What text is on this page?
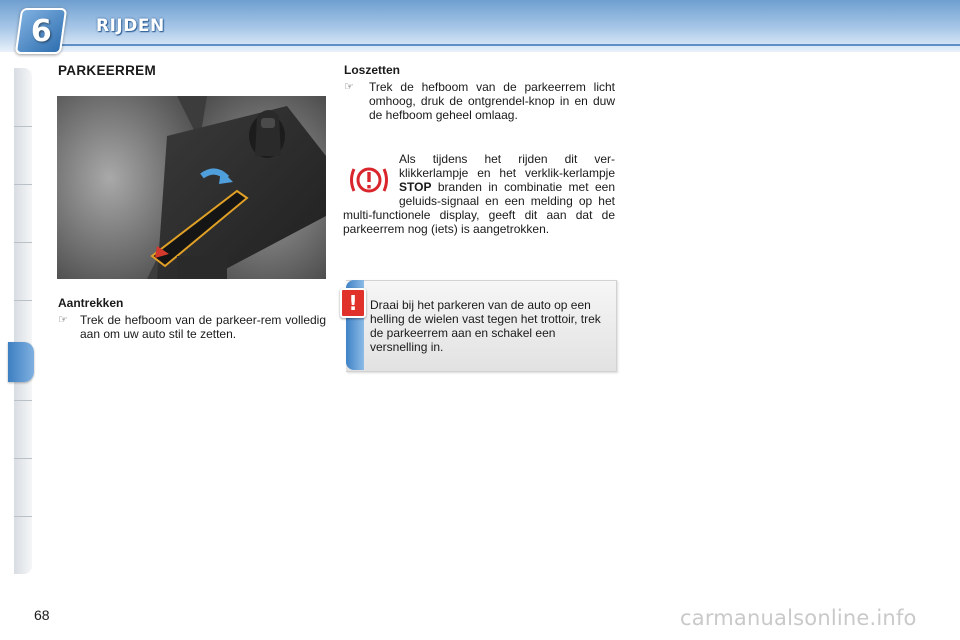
6	RIJDEN
PARKEERREM
Aantrekken
☞ Trek de hefboom van de parkeer-rem volledig aan om uw auto stil te zetten.
Loszetten
☞ Trek de hefboom van de parkeerrem licht omhoog, druk de ontgrendel-knop in en duw de hefboom geheel omlaag.
Als tijdens het rijden dit ver-klikkerlampje en het verklik-kerlampje STOP branden in combinatie met een geluids-signaal en een melding op het multi-functionele display, geeft dit aan dat de parkeerrem nog (iets) is aangetrokken.
!	Draai bij het parkeren van de auto op een helling de wielen vast tegen het trottoir, trek de parkeerrem aan en schakel een versnelling in.
68	carmanualsonline.info
